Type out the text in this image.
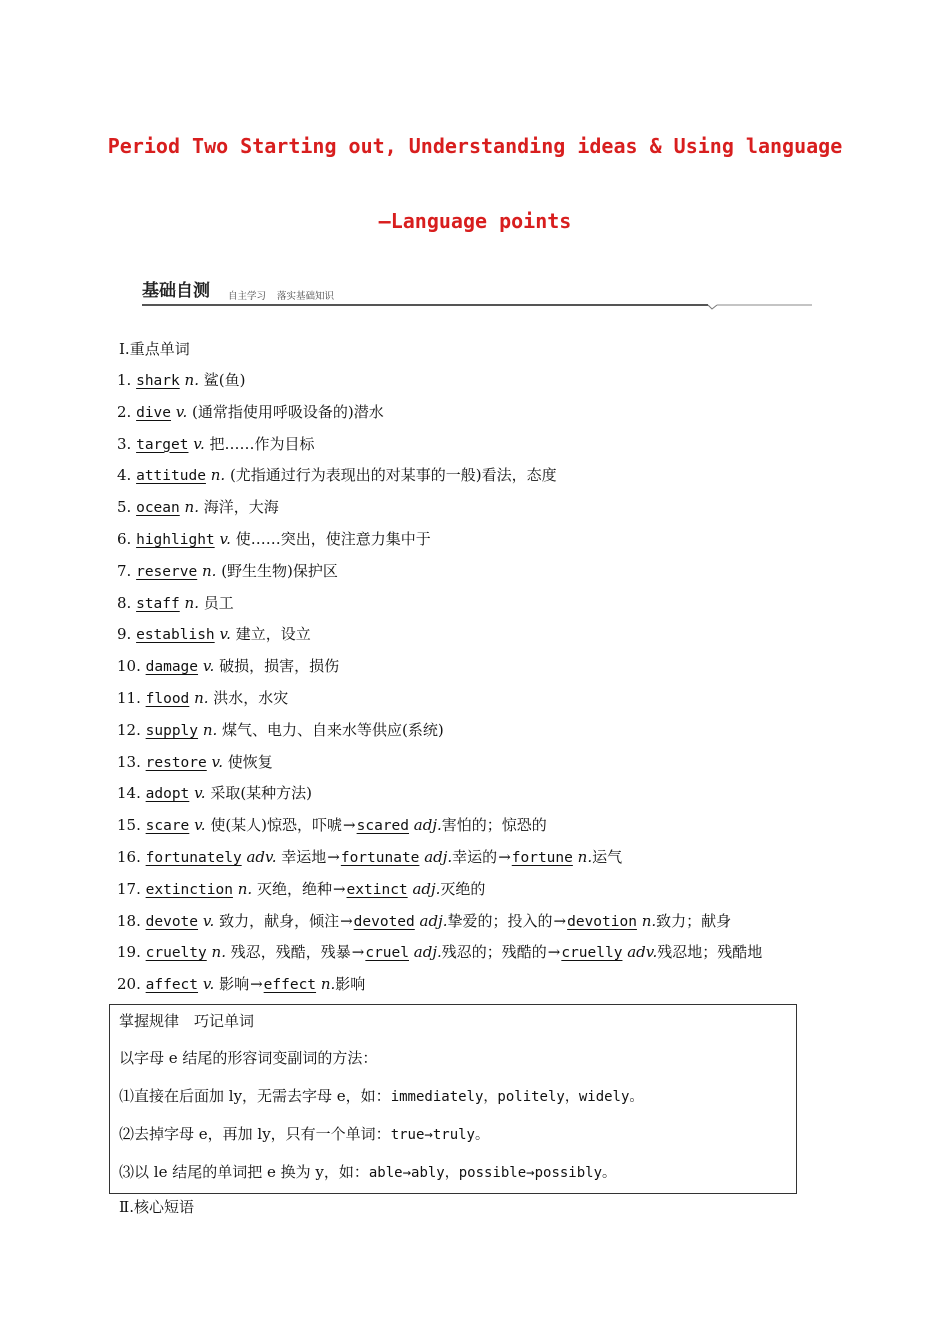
Period Two Starting out, Understanding ideas & Using language
—Language points
基础自测 自主学习 落实基础知识
Ⅰ.重点单词
1. shark n. 鲨(鱼)
2. dive v. (通常指使用呼吸设备的)潜水
3. target v. 把……作为目标
4. attitude n. (尤指通过行为表现出的对某事的一般)看法，态度
5. ocean n. 海洋，大海
6. highlight v. 使……突出，使注意力集中于
7. reserve n. (野生生物)保护区
8. staff n. 员工
9. establish v. 建立，设立
10. damage v. 破损，损害，损伤
11. flood n. 洪水，水灾
12. supply n. 煤气、电力、自来水等供应(系统)
13. restore v. 使恢复
14. adopt v. 采取(某种方法)
15. scare v. 使(某人)惊恐，吓唬→scared adj.害怕的；惊恐的
16. fortunately adv. 幸运地→fortunate adj.幸运的→fortune n.运气
17. extinction n. 灭绝，绝种→extinct adj.灭绝的
18. devote v. 致力，献身，倾注→devoted adj.挚爱的；投入的→devotion n.致力；献身
19. cruelty n. 残忍，残酷，残暴→cruel adj.残忍的；残酷的→cruelly adv.残忍地；残酷地
20. affect v. 影响→effect n.影响
掌握规律　巧记单词
以字母 e 结尾的形容词变副词的方法：
⑴直接在后面加 ly，无需去字母 e，如：immediately，politely，widely。
⑵去掉字母 e，再加 ly，只有一个单词：true→truly。
⑶以 le 结尾的单词把 e 换为 y，如：able→ably，possible→possibly。
Ⅱ.核心短语
